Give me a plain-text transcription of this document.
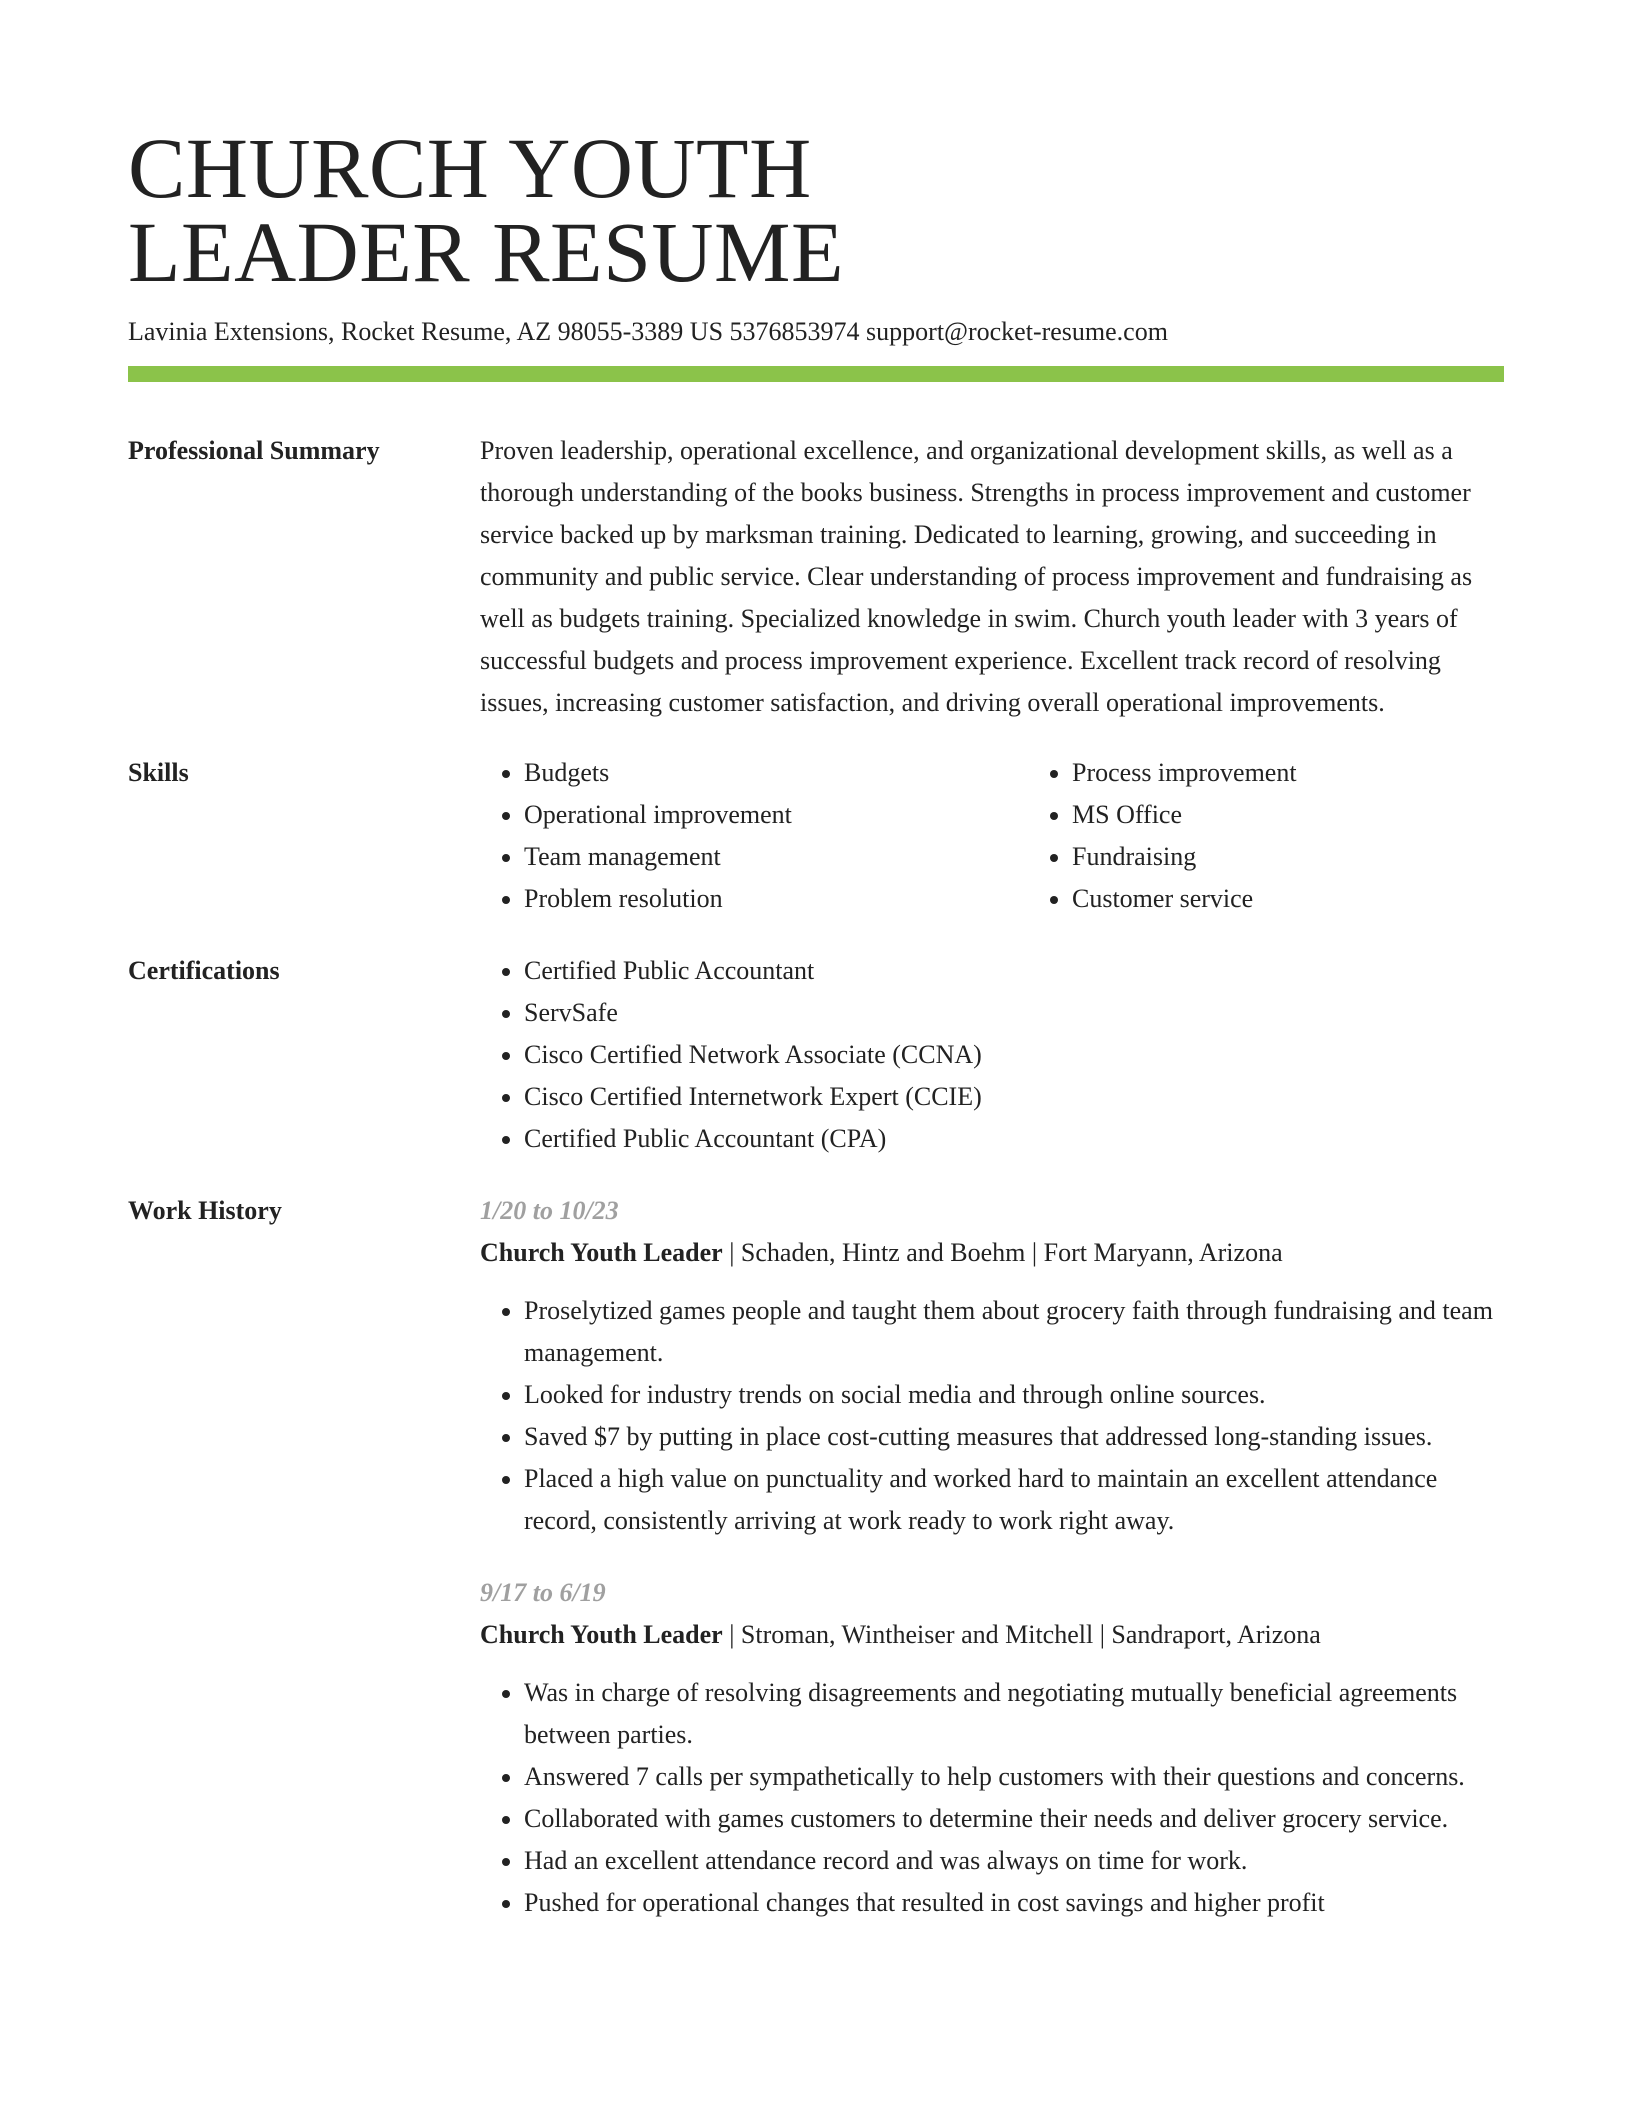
CHURCH YOUTH
LEADER RESUME
Lavinia Extensions, Rocket Resume, AZ 98055-3389 US 5376853974 support@rocket-resume.com
Professional Summary	Proven leadership, operational excellence, and organizational development skills, as well as a thorough understanding of the books business. Strengths in process improvement and customer service backed up by marksman training. Dedicated to learning, growing, and succeeding in community and public service. Clear understanding of process improvement and fundraising as well as budgets training. Specialized knowledge in swim. Church youth leader with 3 years of successful budgets and process improvement experience. Excellent track record of resolving issues, increasing customer satisfaction, and driving overall operational improvements.
Skills	• Budgets
• Operational improvement
• Team management
• Problem resolution
• Process improvement
• MS Office
• Fundraising
• Customer service
Certifications	• Certified Public Accountant
• ServSafe
• Cisco Certified Network Associate (CCNA)
• Cisco Certified Internetwork Expert (CCIE)
• Certified Public Accountant (CPA)
Work History	1/20 to 10/23
Church Youth Leader | Schaden, Hintz and Boehm | Fort Maryann, Arizona
• Proselytized games people and taught them about grocery faith through fundraising and team management.
• Looked for industry trends on social media and through online sources.
• Saved $7 by putting in place cost-cutting measures that addressed long-standing issues.
• Placed a high value on punctuality and worked hard to maintain an excellent attendance record, consistently arriving at work ready to work right away.
9/17 to 6/19
Church Youth Leader | Stroman, Wintheiser and Mitchell | Sandraport, Arizona
• Was in charge of resolving disagreements and negotiating mutually beneficial agreements between parties.
• Answered 7 calls per sympathetically to help customers with their questions and concerns.
• Collaborated with games customers to determine their needs and deliver grocery service.
• Had an excellent attendance record and was always on time for work.
• Pushed for operational changes that resulted in cost savings and higher profit
